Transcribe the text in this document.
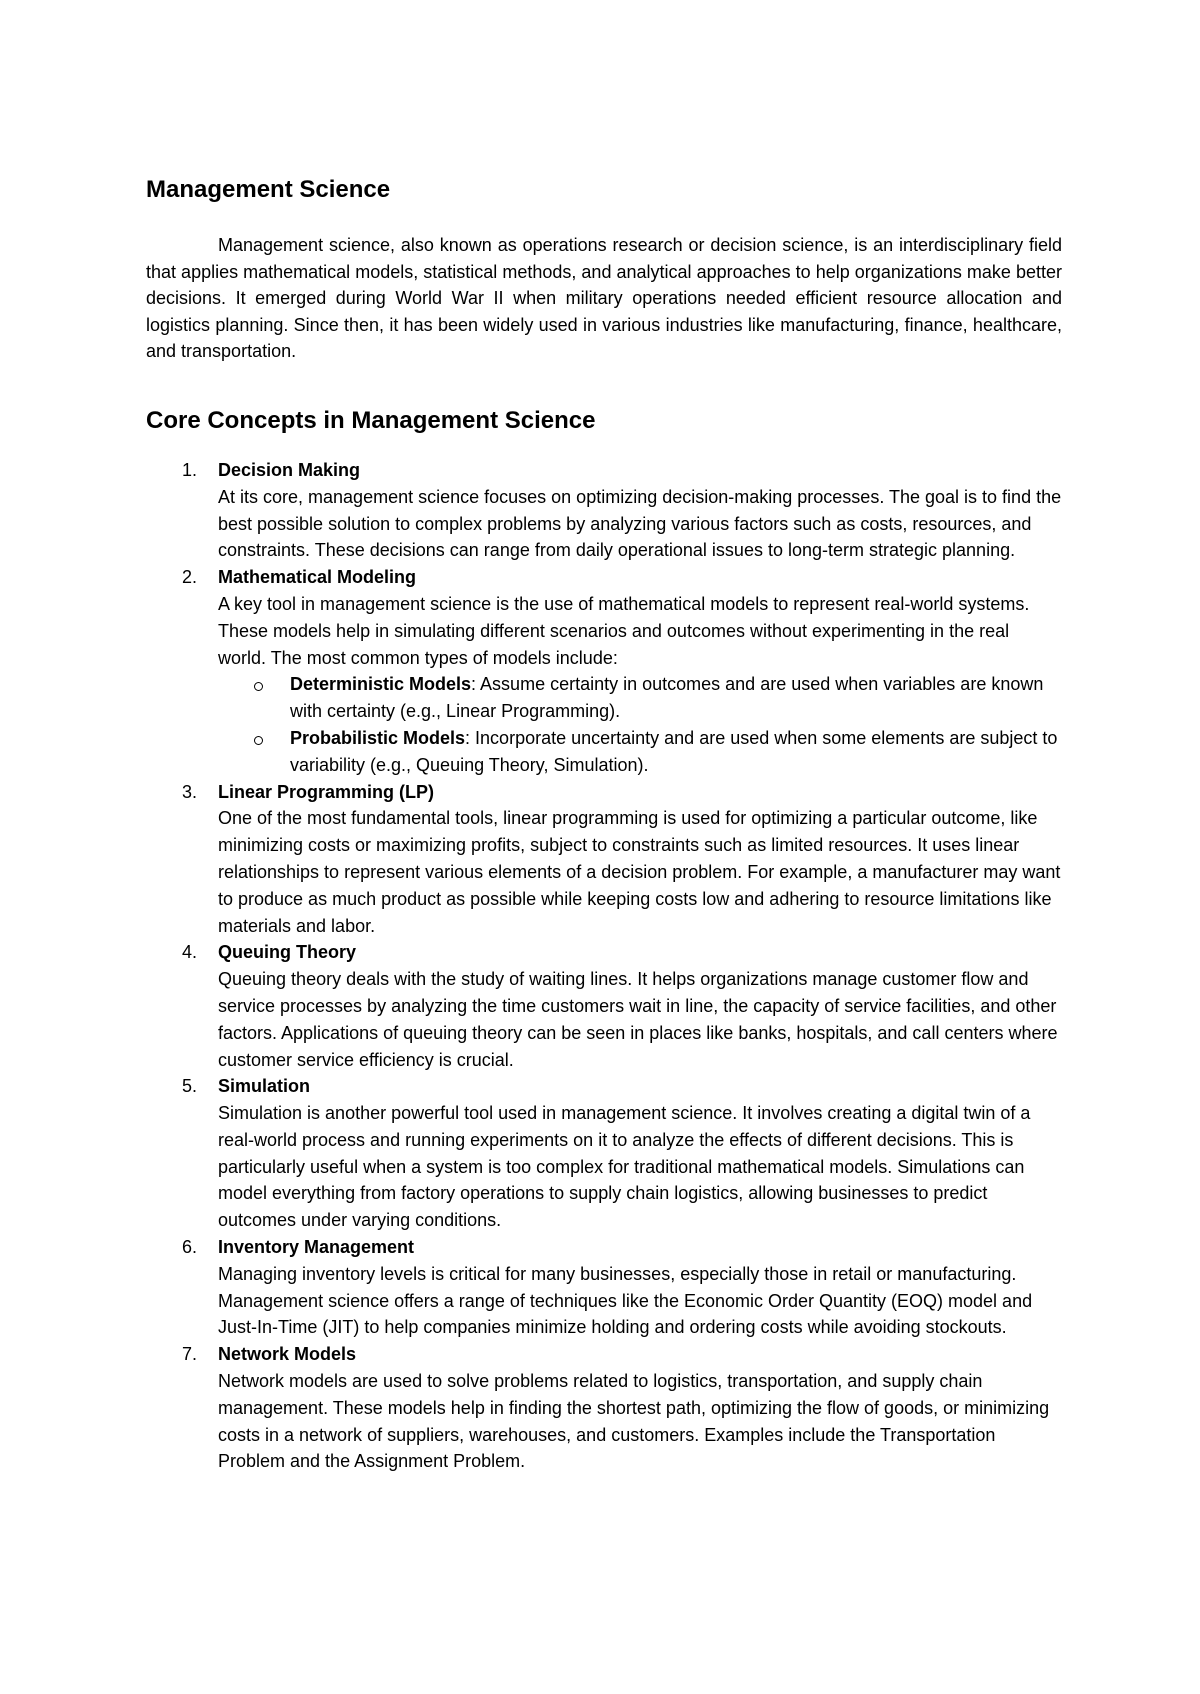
Management Science

Management science, also known as operations research or decision science, is an interdisciplinary field that applies mathematical models, statistical methods, and analytical approaches to help organizations make better decisions. It emerged during World War II when military operations needed efficient resource allocation and logistics planning. Since then, it has been widely used in various industries like manufacturing, finance, healthcare, and transportation.

Core Concepts in Management Science
1. Decision Making
At its core, management science focuses on optimizing decision-making processes. The goal is to find the best possible solution to complex problems by analyzing various factors such as costs, resources, and constraints. These decisions can range from daily operational issues to long-term strategic planning.
2. Mathematical Modeling
A key tool in management science is the use of mathematical models to represent real-world systems. These models help in simulating different scenarios and outcomes without experimenting in the real world. The most common types of models include:
Deterministic Models: Assume certainty in outcomes and are used when variables are known with certainty (e.g., Linear Programming).
Probabilistic Models: Incorporate uncertainty and are used when some elements are subject to variability (e.g., Queuing Theory, Simulation).
3. Linear Programming (LP)
One of the most fundamental tools, linear programming is used for optimizing a particular outcome, like minimizing costs or maximizing profits, subject to constraints such as limited resources. It uses linear relationships to represent various elements of a decision problem. For example, a manufacturer may want to produce as much product as possible while keeping costs low and adhering to resource limitations like materials and labor.
4. Queuing Theory
Queuing theory deals with the study of waiting lines. It helps organizations manage customer flow and service processes by analyzing the time customers wait in line, the capacity of service facilities, and other factors. Applications of queuing theory can be seen in places like banks, hospitals, and call centers where customer service efficiency is crucial.
5. Simulation
Simulation is another powerful tool used in management science. It involves creating a digital twin of a real-world process and running experiments on it to analyze the effects of different decisions. This is particularly useful when a system is too complex for traditional mathematical models. Simulations can model everything from factory operations to supply chain logistics, allowing businesses to predict outcomes under varying conditions.
6. Inventory Management
Managing inventory levels is critical for many businesses, especially those in retail or manufacturing. Management science offers a range of techniques like the Economic Order Quantity (EOQ) model and Just-In-Time (JIT) to help companies minimize holding and ordering costs while avoiding stockouts.
7. Network Models
Network models are used to solve problems related to logistics, transportation, and supply chain management. These models help in finding the shortest path, optimizing the flow of goods, or minimizing costs in a network of suppliers, warehouses, and customers. Examples include the Transportation Problem and the Assignment Problem.
